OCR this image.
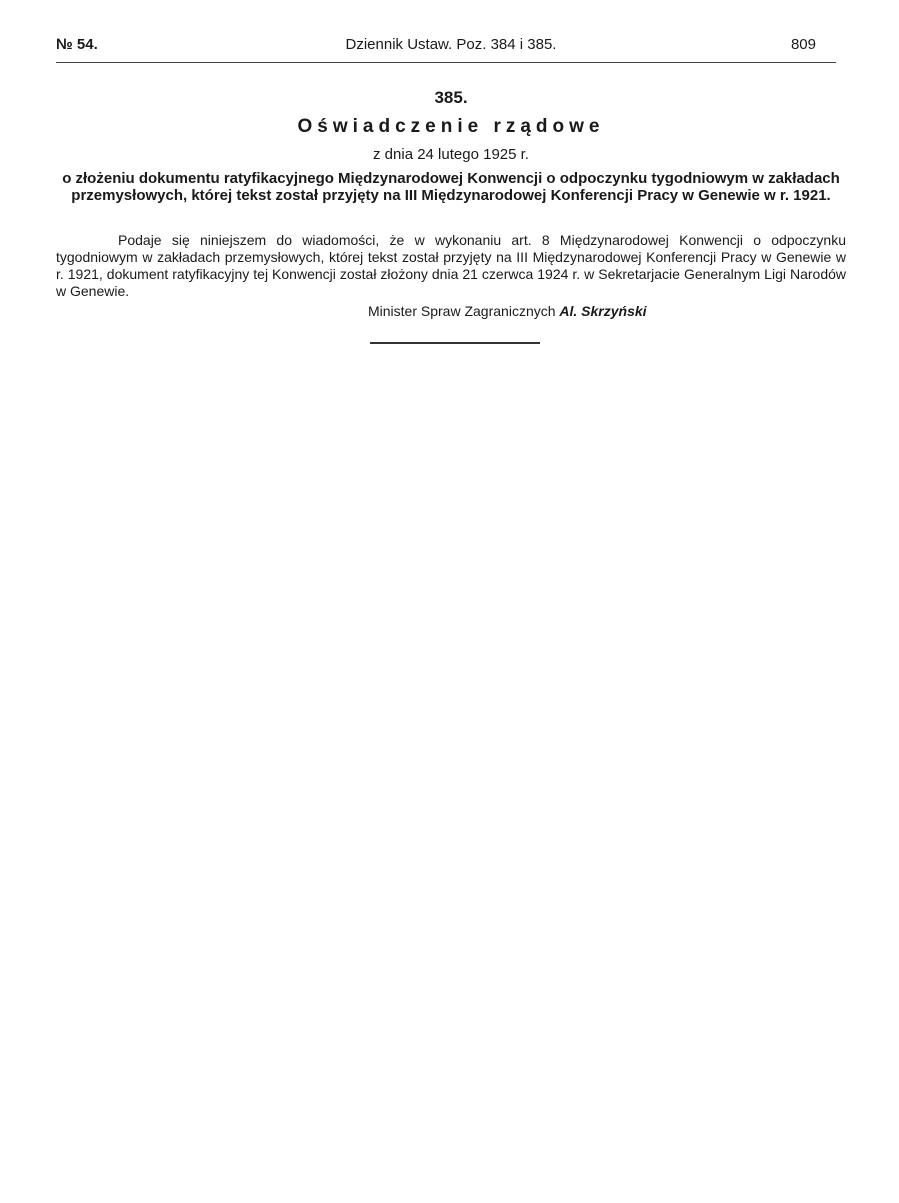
№ 54.	Dziennik Ustaw. Poz. 384 i 385.	809
385.
Oświadczenie rządowe
z dnia 24 lutego 1925 r.
o złożeniu dokumentu ratyfikacyjnego Międzynarodowej Konwencji o odpoczynku tygodniowym w zakładach przemysłowych, której tekst został przyjęty na III Międzynarodowej Konferencji Pracy w Genewie w r. 1921.

Podaje się niniejszem do wiadomości, że w wykonaniu art. 8 Międzynarodowej Konwencji o odpoczynku tygodniowym w zakładach przemysłowych, której tekst został przyjęty na III Międzynarodowej Konferencji Pracy w Genewie w r. 1921, dokument ratyfikacyjny tej Konwencji został złożony dnia 21 czerwca 1924 r. w Sekretarjacie Generalnym Ligi Narodów w Genewie.

Minister Spraw Zagranicznych Al. Skrzyński
